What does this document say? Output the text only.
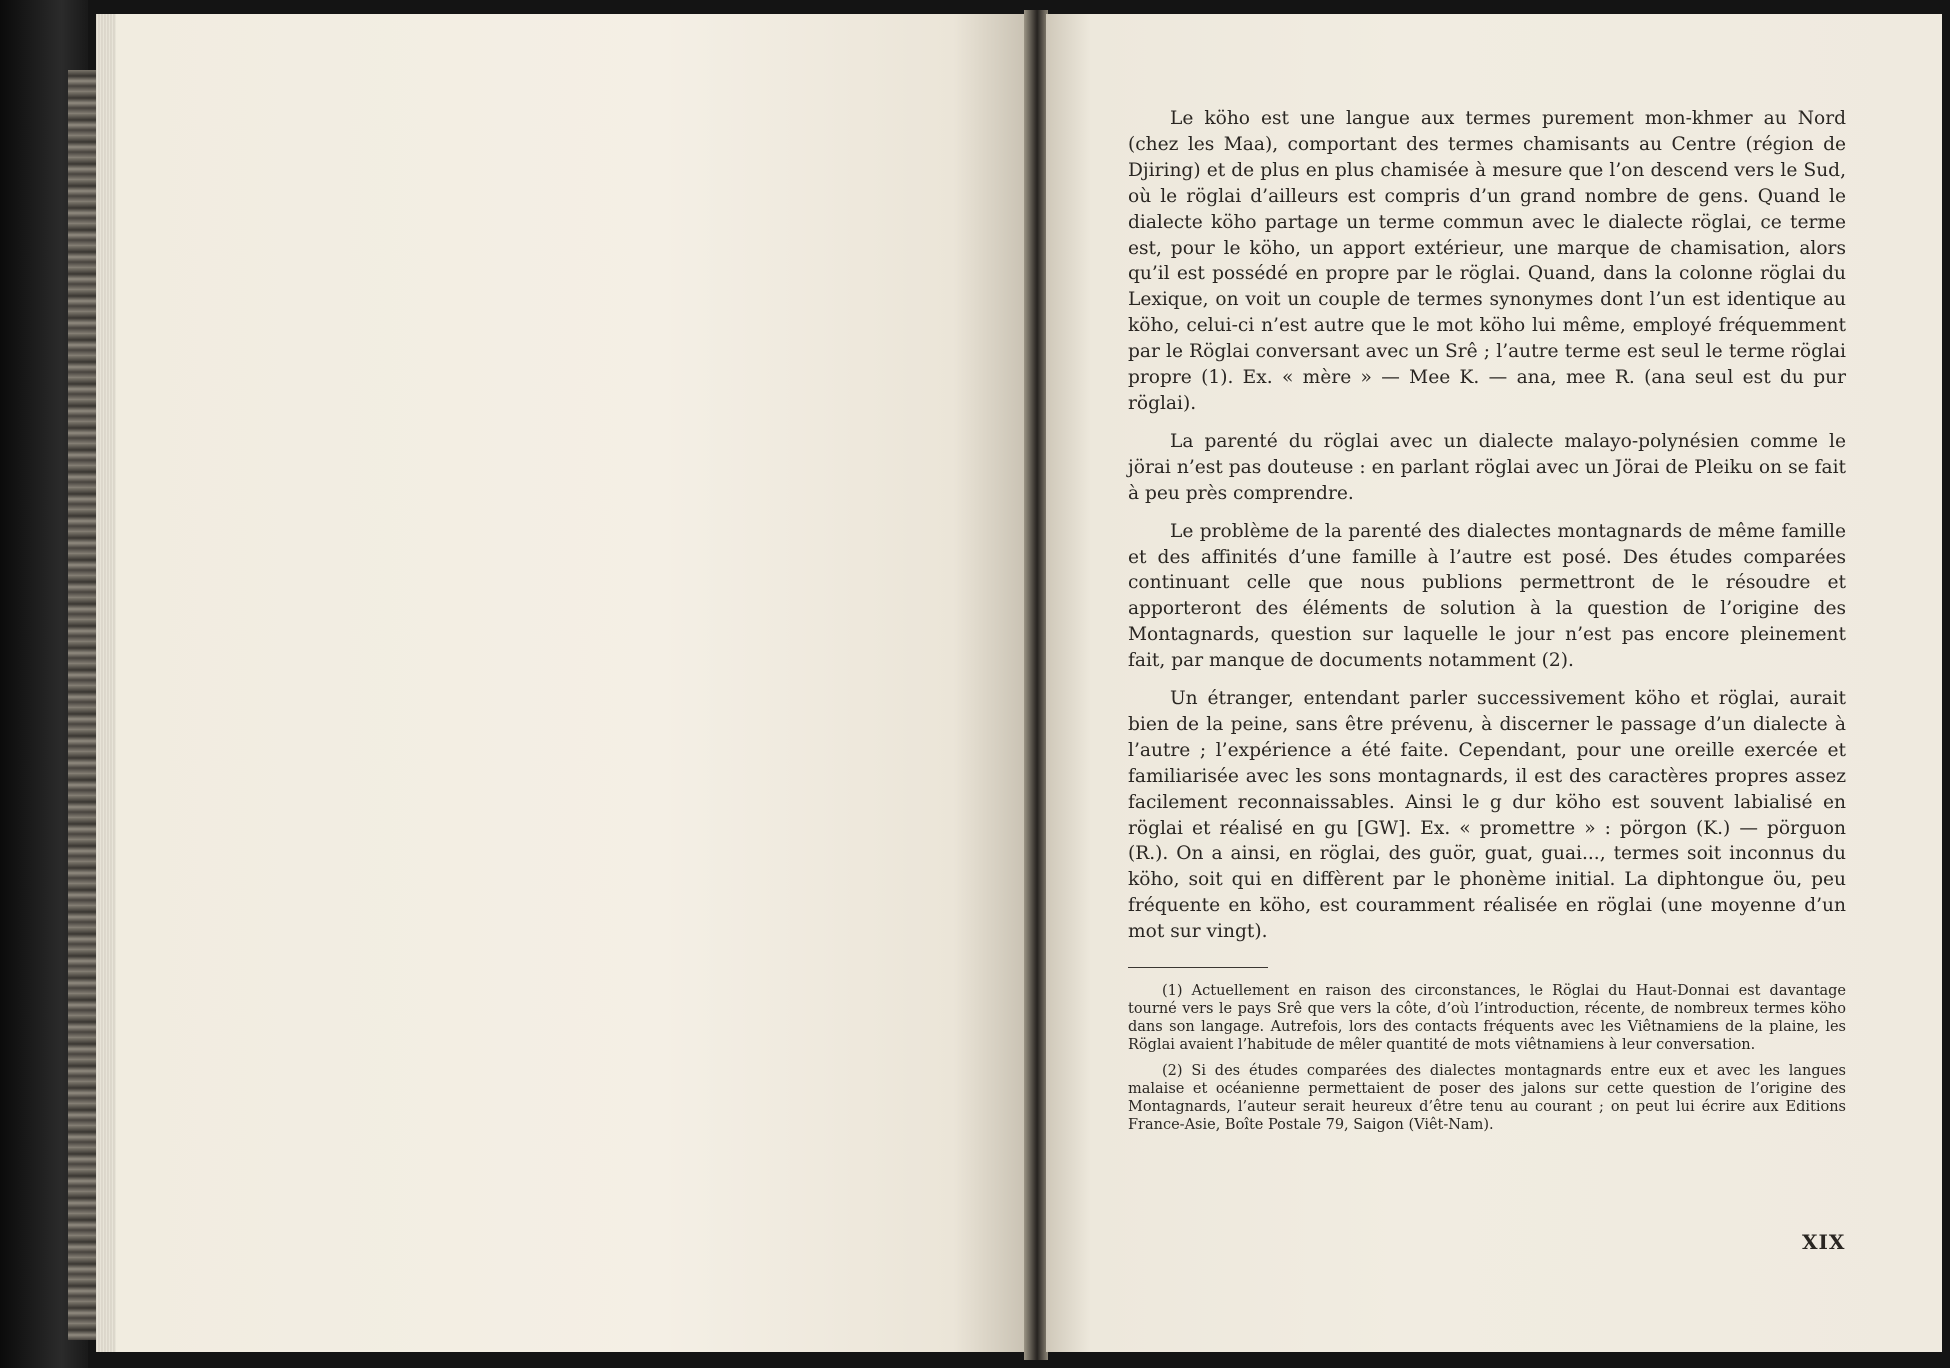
Le köho est une langue aux termes purement mon-khmer au Nord (chez les Maa), comportant des termes chamisants au Centre (région de Djiring) et de plus en plus chamisée à mesure que l’on descend vers le Sud, où le röglai d’ailleurs est compris d’un grand nombre de gens. Quand le dialecte köho partage un terme commun avec le dialecte röglai, ce terme est, pour le köho, un apport extérieur, une marque de chamisation, alors qu’il est possédé en propre par le röglai. Quand, dans la colonne röglai du Lexique, on voit un couple de termes synonymes dont l’un est identique au köho, celui-ci n’est autre que le mot köho lui même, employé fréquemment par le Röglai conversant avec un Srê ; l’autre terme est seul le terme röglai propre (1). Ex. « mère » — Mee K. — ana, mee R. (ana seul est du pur röglai).

La parenté du röglai avec un dialecte malayo-polynésien comme le jörai n’est pas douteuse : en parlant röglai avec un Jörai de Pleiku on se fait à peu près comprendre.

Le problème de la parenté des dialectes montagnards de même famille et des affinités d’une famille à l’autre est posé. Des études comparées continuant celle que nous publions permettront de le résoudre et apporteront des éléments de solution à la question de l’origine des Montagnards, question sur laquelle le jour n’est pas encore pleinement fait, par manque de documents notamment (2).

Un étranger, entendant parler successivement köho et röglai, aurait bien de la peine, sans être prévenu, à discerner le passage d’un dialecte à l’autre ; l’expérience a été faite. Cependant, pour une oreille exercée et familiarisée avec les sons montagnards, il est des caractères propres assez facilement reconnaissables. Ainsi le g dur köho est souvent labialisé en röglai et réalisé en gu [GW]. Ex. « promettre » : pörgon (K.) — pörguon (R.). On a ainsi, en röglai, des guör, guat, guai..., termes soit inconnus du köho, soit qui en diffèrent par le phonème initial. La diphtongue öu, peu fréquente en köho, est couramment réalisée en röglai (une moyenne d’un mot sur vingt).

(1) Actuellement en raison des circonstances, le Röglai du Haut-Donnai est davantage tourné vers le pays Srê que vers la côte, d’où l’introduction, récente, de nombreux termes köho dans son langage. Autrefois, lors des contacts fréquents avec les Viêtnamiens de la plaine, les Röglai avaient l’habitude de mêler quantité de mots viêtnamiens à leur conversation.

(2) Si des études comparées des dialectes montagnards entre eux et avec les langues malaise et océanienne permettaient de poser des jalons sur cette question de l’origine des Montagnards, l’auteur serait heureux d’être tenu au courant ; on peut lui écrire aux Editions France-Asie, Boîte Postale 79, Saigon (Viêt-Nam).

XIX
